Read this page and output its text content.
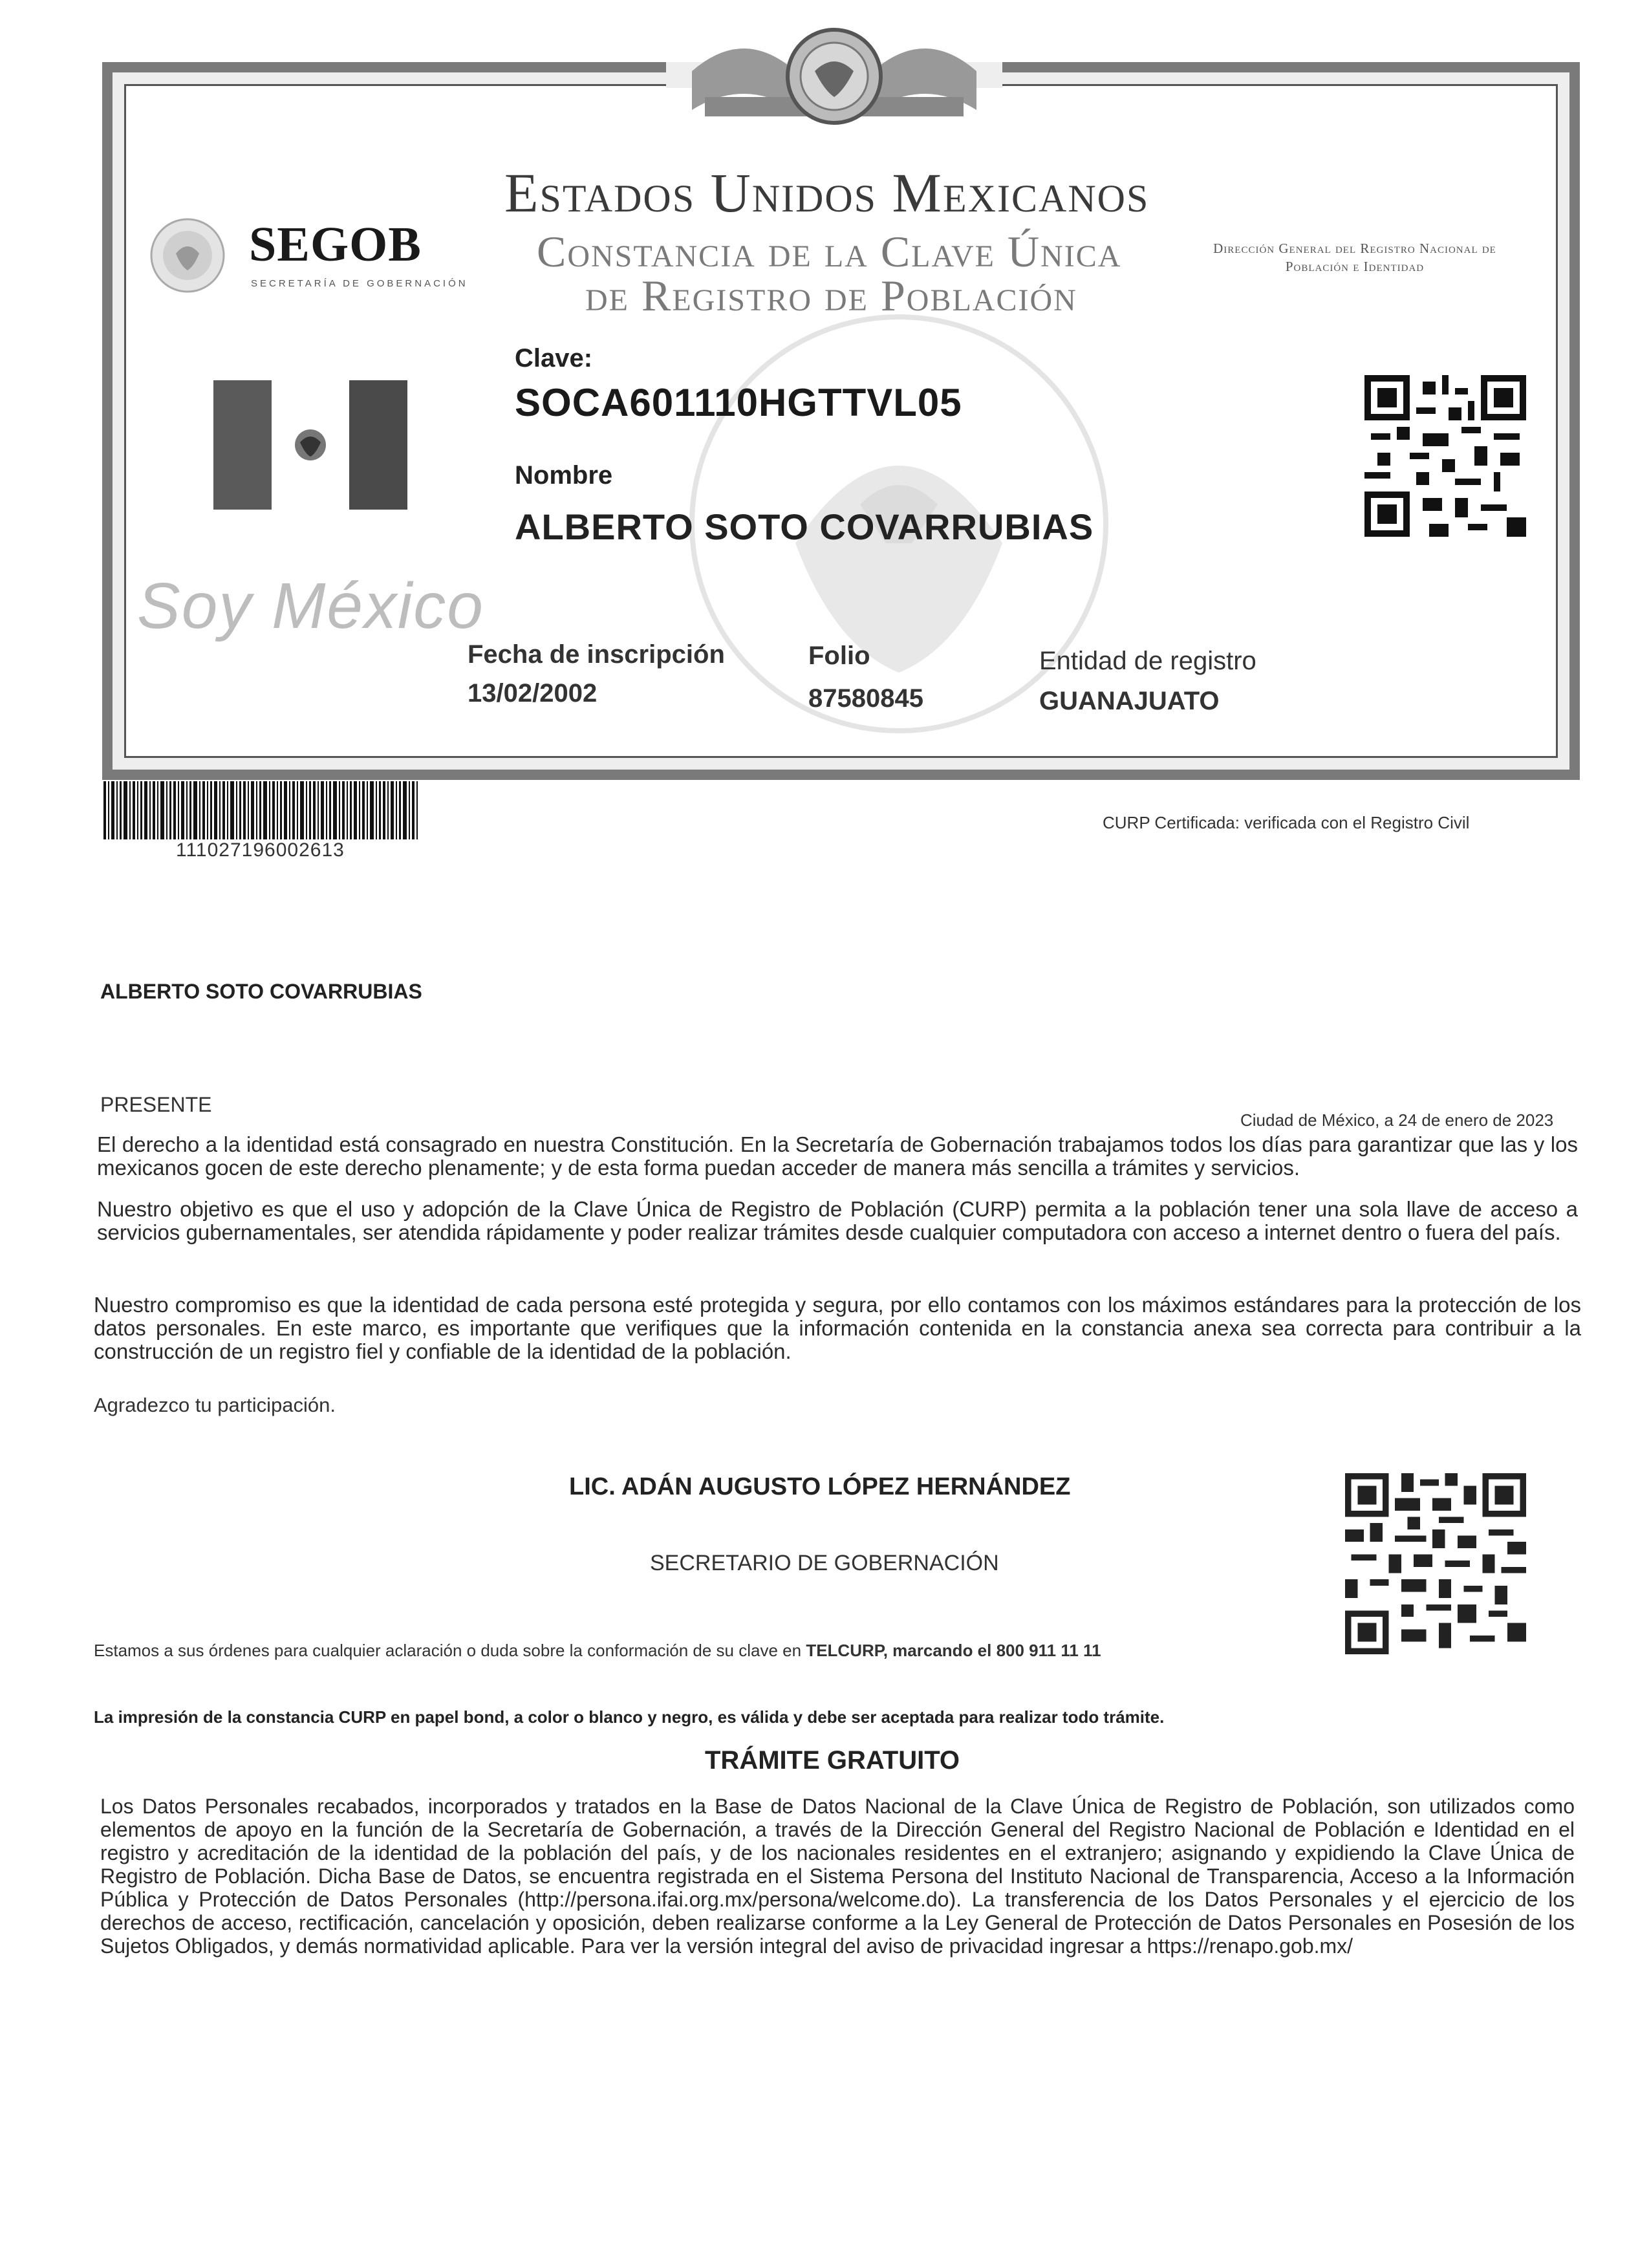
SEGOB
SECRETARÍA DE GOBERNACIÓN
Estados Unidos Mexicanos
Constancia de la Clave Única
de Registro de Población
Dirección General del Registro Nacional de Población e Identidad
Clave:
SOCA601110HGTTVL05
Nombre
ALBERTO SOTO COVARRUBIAS
Soy México
Fecha de inscripción
13/02/2002
Folio
87580845
Entidad de registro
GUANAJUATO
111027196002613
CURP Certificada: verificada con el Registro Civil
ALBERTO SOTO COVARRUBIAS
PRESENTE
Ciudad de México, a 24 de enero de 2023
El derecho a la identidad está consagrado en nuestra Constitución. En la Secretaría de Gobernación trabajamos todos los días para garantizar que las y los mexicanos gocen de este derecho plenamente; y de esta forma puedan acceder de manera más sencilla a trámites y servicios.
Nuestro objetivo es que el uso y adopción de la Clave Única de Registro de Población (CURP) permita a la población tener una sola llave de acceso a servicios gubernamentales, ser atendida rápidamente y poder realizar trámites desde cualquier computadora con acceso a internet dentro o fuera del país.
Nuestro compromiso es que la identidad de cada persona esté protegida y segura, por ello contamos con los máximos estándares para la protección de los datos personales. En este marco, es importante que verifiques que la información contenida en la constancia anexa sea correcta para contribuir a la construcción de un registro fiel y confiable de la identidad de la población.
Agradezco tu participación.
LIC. ADÁN AUGUSTO LÓPEZ HERNÁNDEZ
SECRETARIO DE GOBERNACIÓN
Estamos a sus órdenes para cualquier aclaración o duda sobre la conformación de su clave en TELCURP, marcando el 800 911 11 11
La impresión de la constancia CURP en papel bond, a color o blanco y negro, es válida y debe ser aceptada para realizar todo trámite.
TRÁMITE GRATUITO
Los Datos Personales recabados, incorporados y tratados en la Base de Datos Nacional de la Clave Única de Registro de Población, son utilizados como elementos de apoyo en la función de la Secretaría de Gobernación, a través de la Dirección General del Registro Nacional de Población e Identidad en el registro y acreditación de la identidad de la población del país, y de los nacionales residentes en el extranjero; asignando y expidiendo la Clave Única de Registro de Población. Dicha Base de Datos, se encuentra registrada en el Sistema Persona del Instituto Nacional de Transparencia, Acceso a la Información Pública y Protección de Datos Personales (http://persona.ifai.org.mx/persona/welcome.do). La transferencia de los Datos Personales y el ejercicio de los derechos de acceso, rectificación, cancelación y oposición, deben realizarse conforme a la Ley General de Protección de Datos Personales en Posesión de los Sujetos Obligados, y demás normatividad aplicable. Para ver la versión integral del aviso de privacidad ingresar a https://renapo.gob.mx/
